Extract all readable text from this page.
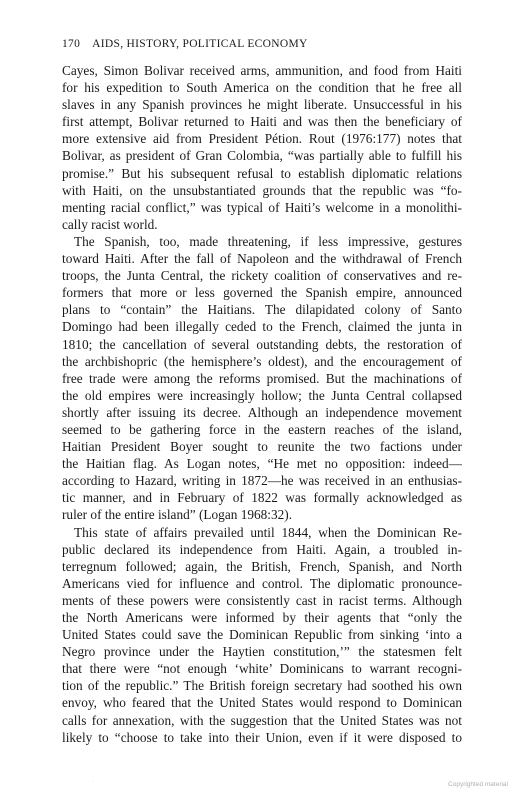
170 AIDS, HISTORY, POLITICAL ECONOMY
Cayes, Simon Bolivar received arms, ammunition, and food from Haiti
for his expedition to South America on the condition that he free all
slaves in any Spanish provinces he might liberate. Unsuccessful in his
first attempt, Bolivar returned to Haiti and was then the beneficiary of
more extensive aid from President Pétion. Rout (1976:177) notes that
Bolivar, as president of Gran Colombia, “was partially able to fulfill his
promise.” But his subsequent refusal to establish diplomatic relations
with Haiti, on the unsubstantiated grounds that the republic was “fo-
menting racial conflict,” was typical of Haiti’s welcome in a monolithi-
cally racist world.
The Spanish, too, made threatening, if less impressive, gestures
toward Haiti. After the fall of Napoleon and the withdrawal of French
troops, the Junta Central, the rickety coalition of conservatives and re-
formers that more or less governed the Spanish empire, announced
plans to “contain” the Haitians. The dilapidated colony of Santo
Domingo had been illegally ceded to the French, claimed the junta in
1810; the cancellation of several outstanding debts, the restoration of
the archbishopric (the hemisphere’s oldest), and the encouragement of
free trade were among the reforms promised. But the machinations of
the old empires were increasingly hollow; the Junta Central collapsed
shortly after issuing its decree. Although an independence movement
seemed to be gathering force in the eastern reaches of the island,
Haitian President Boyer sought to reunite the two factions under
the Haitian flag. As Logan notes, “He met no opposition: indeed—
according to Hazard, writing in 1872—he was received in an enthusias-
tic manner, and in February of 1822 was formally acknowledged as
ruler of the entire island” (Logan 1968:32).
This state of affairs prevailed until 1844, when the Dominican Re-
public declared its independence from Haiti. Again, a troubled in-
terregnum followed; again, the British, French, Spanish, and North
Americans vied for influence and control. The diplomatic pronounce-
ments of these powers were consistently cast in racist terms. Although
the North Americans were informed by their agents that “only the
United States could save the Dominican Republic from sinking ‘into a
Negro province under the Haytien constitution,’” the statesmen felt
that there were “not enough ‘white’ Dominicans to warrant recogni-
tion of the republic.” The British foreign secretary had soothed his own
envoy, who feared that the United States would respond to Dominican
calls for annexation, with the suggestion that the United States was not
likely to “choose to take into their Union, even if it were disposed to
·	Copyrighted material
